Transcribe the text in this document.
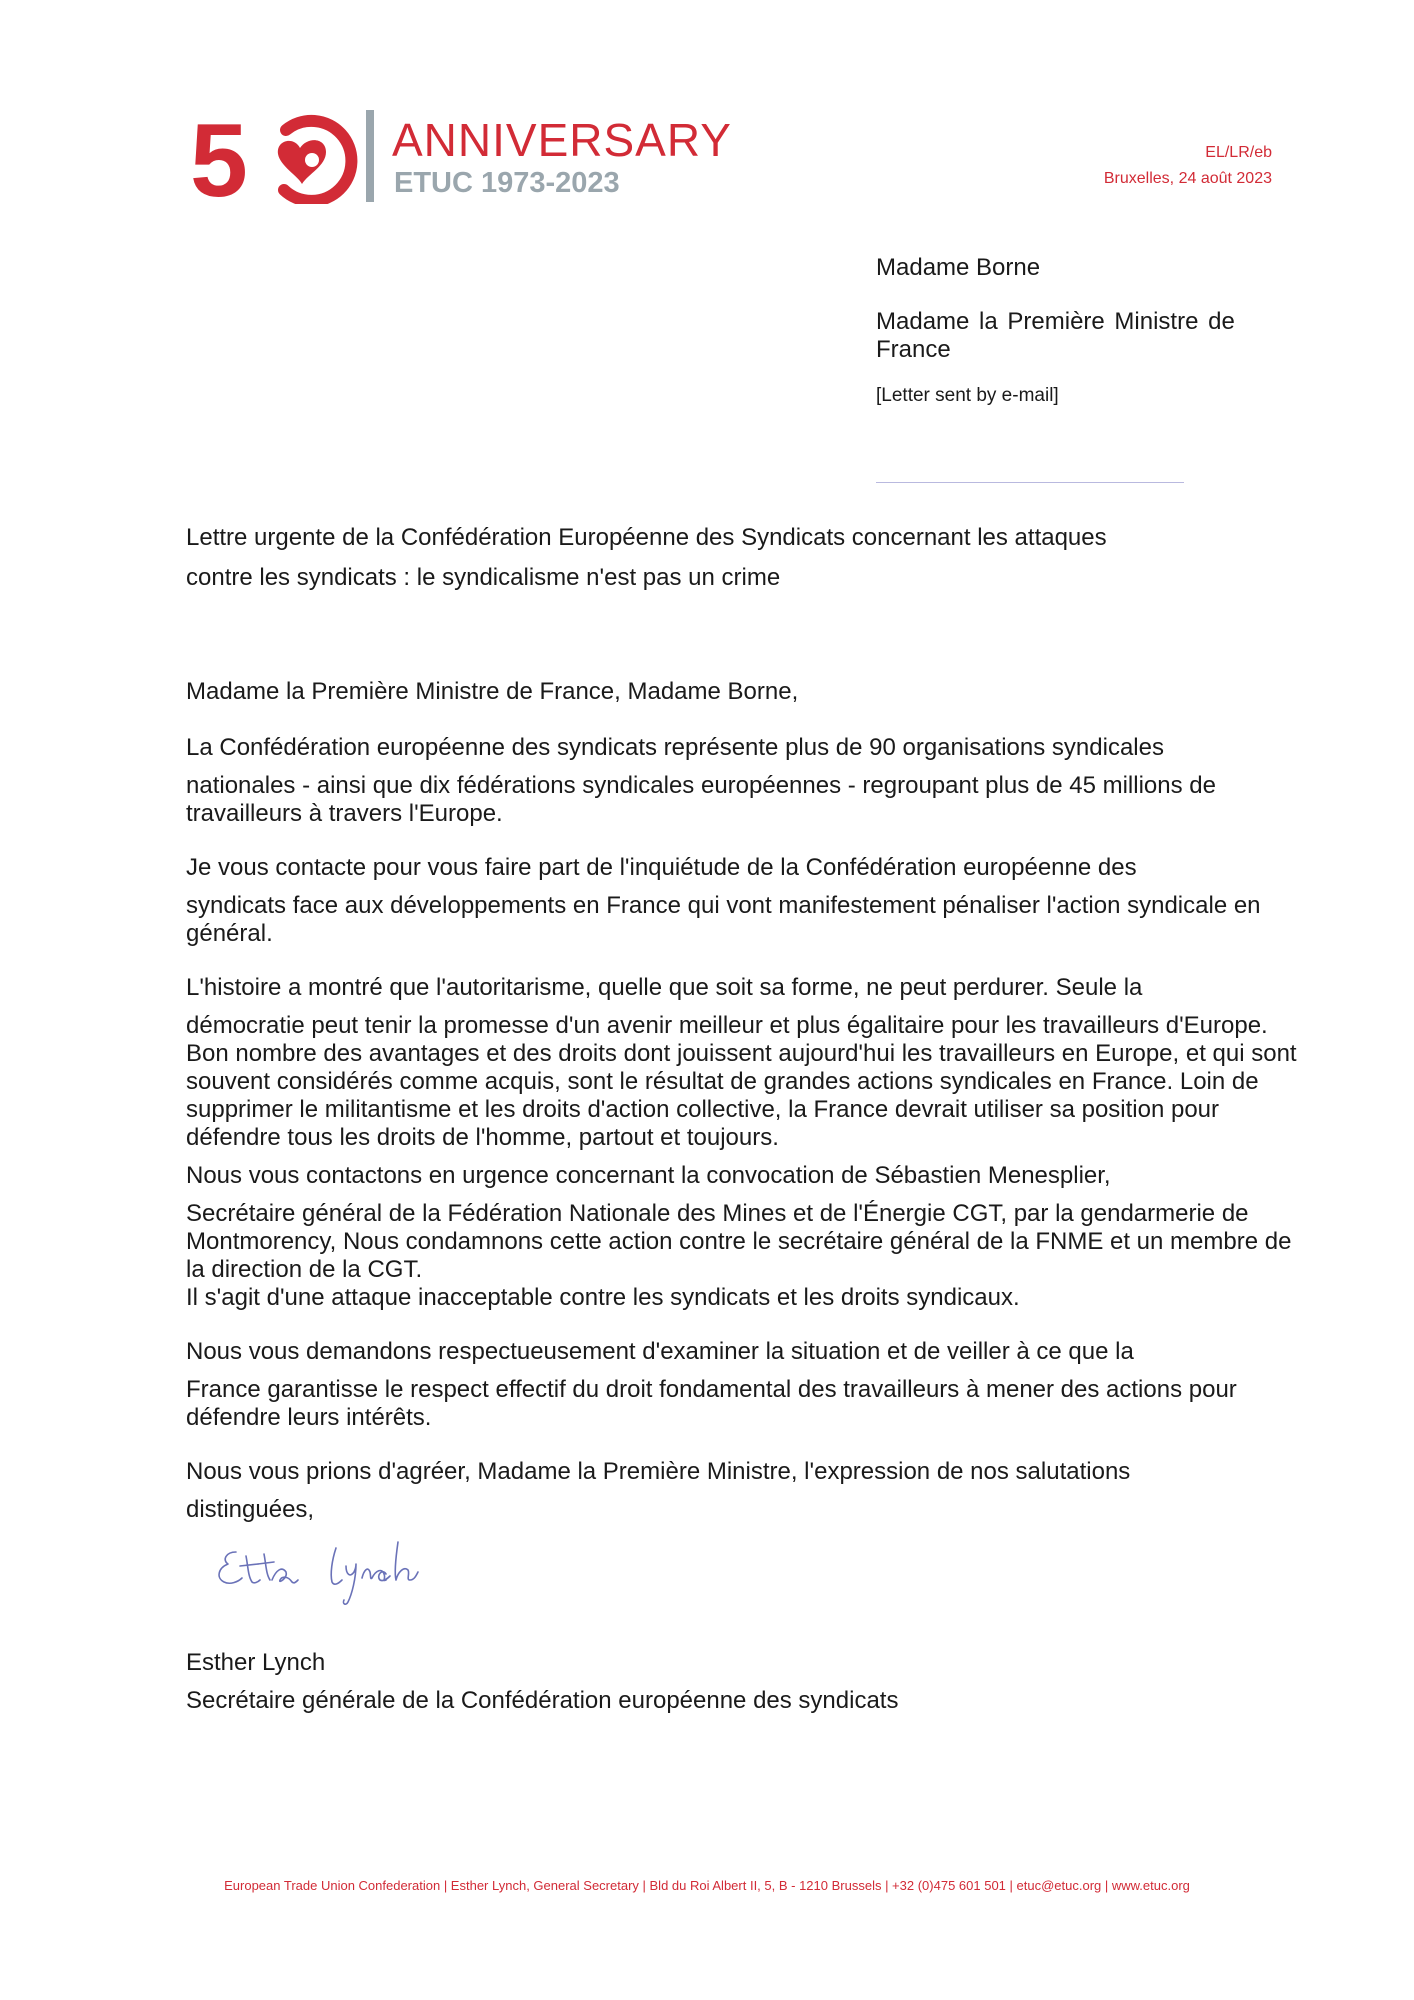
5	ANNIVERSARY
ETUC 1973-2023
EL/LR/eb
Bruxelles, 24 août 2023
Madame Borne
Madame la Première Ministre de France
[Letter sent by e-mail]
Lettre urgente de la Confédération Européenne des Syndicats concernant les attaques
contre les syndicats : le syndicalisme n'est pas un crime
Madame la Première Ministre de France, Madame Borne,
La Confédération européenne des syndicats représente plus de 90 organisations syndicales
nationales - ainsi que dix fédérations syndicales européennes - regroupant plus de 45 millions de travailleurs à travers l'Europe.
Je vous contacte pour vous faire part de l'inquiétude de la Confédération européenne des
syndicats face aux développements en France qui vont manifestement pénaliser l'action syndicale en général.
L'histoire a montré que l'autoritarisme, quelle que soit sa forme, ne peut perdurer. Seule la
démocratie peut tenir la promesse d'un avenir meilleur et plus égalitaire pour les travailleurs d'Europe. Bon nombre des avantages et des droits dont jouissent aujourd'hui les travailleurs en Europe, et qui sont souvent considérés comme acquis, sont le résultat de grandes actions syndicales en France. Loin de supprimer le militantisme et les droits d'action collective, la France devrait utiliser sa position pour défendre tous les droits de l'homme, partout et toujours.
Nous vous contactons en urgence concernant la convocation de Sébastien Menesplier,
Secrétaire général de la Fédération Nationale des Mines et de l'Énergie CGT, par la gendarmerie de Montmorency, Nous condamnons cette action contre le secrétaire général de la FNME et un membre de la direction de la CGT.
Il s'agit d'une attaque inacceptable contre les syndicats et les droits syndicaux.
Nous vous demandons respectueusement d'examiner la situation et de veiller à ce que la
France garantisse le respect effectif du droit fondamental des travailleurs à mener des actions pour défendre leurs intérêts.
Nous vous prions d'agréer, Madame la Première Ministre, l'expression de nos salutations
distinguées,
Esther Lynch
Secrétaire générale de la Confédération européenne des syndicats
European Trade Union Confederation | Esther Lynch, General Secretary | Bld du Roi Albert II, 5, B - 1210 Brussels | +32 (0)475 601 501 | etuc@etuc.org | www.etuc.org
